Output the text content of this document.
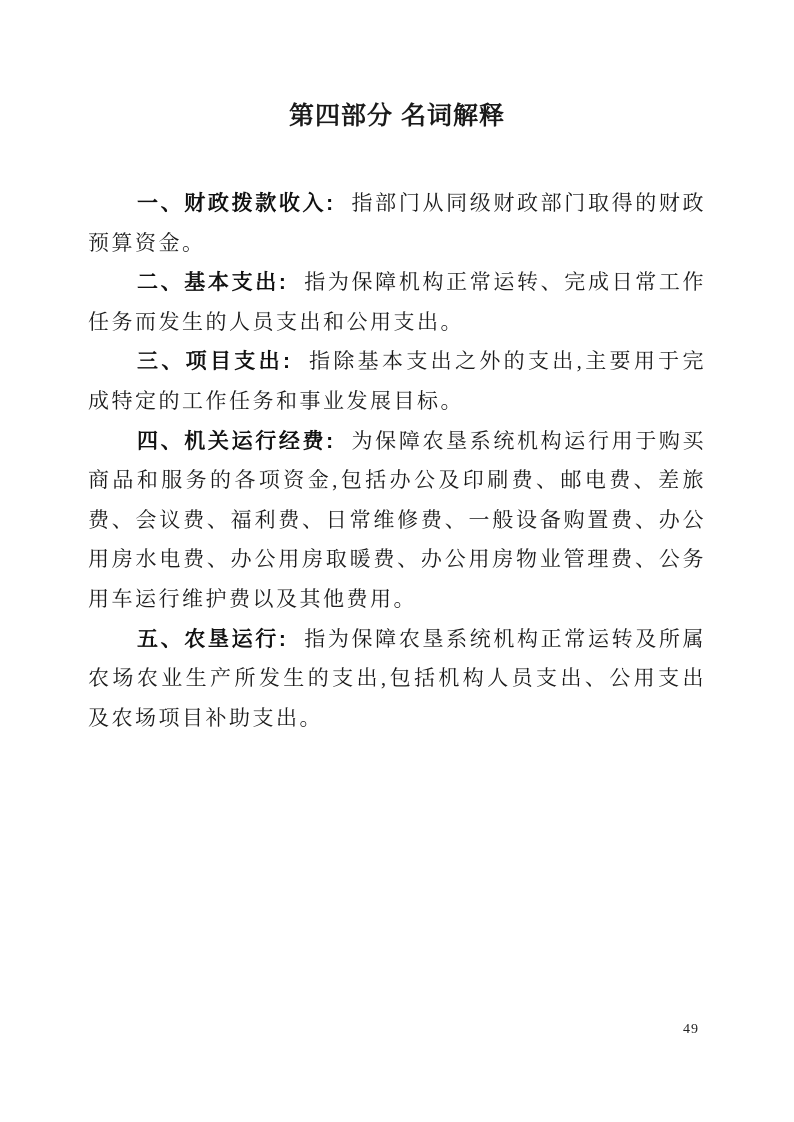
第四部分 名词解释

一、财政拨款收入: 指部门从同级财政部门取得的财政预算资金。

二、基本支出: 指为保障机构正常运转、完成日常工作任务而发生的人员支出和公用支出。

三、项目支出: 指除基本支出之外的支出,主要用于完成特定的工作任务和事业发展目标。

四、机关运行经费: 为保障农垦系统机构运行用于购买商品和服务的各项资金,包括办公及印刷费、邮电费、差旅费、会议费、福利费、日常维修费、一般设备购置费、办公用房水电费、办公用房取暖费、办公用房物业管理费、公务用车运行维护费以及其他费用。

五、农垦运行: 指为保障农垦系统机构正常运转及所属农场农业生产所发生的支出,包括机构人员支出、公用支出及农场项目补助支出。

49
